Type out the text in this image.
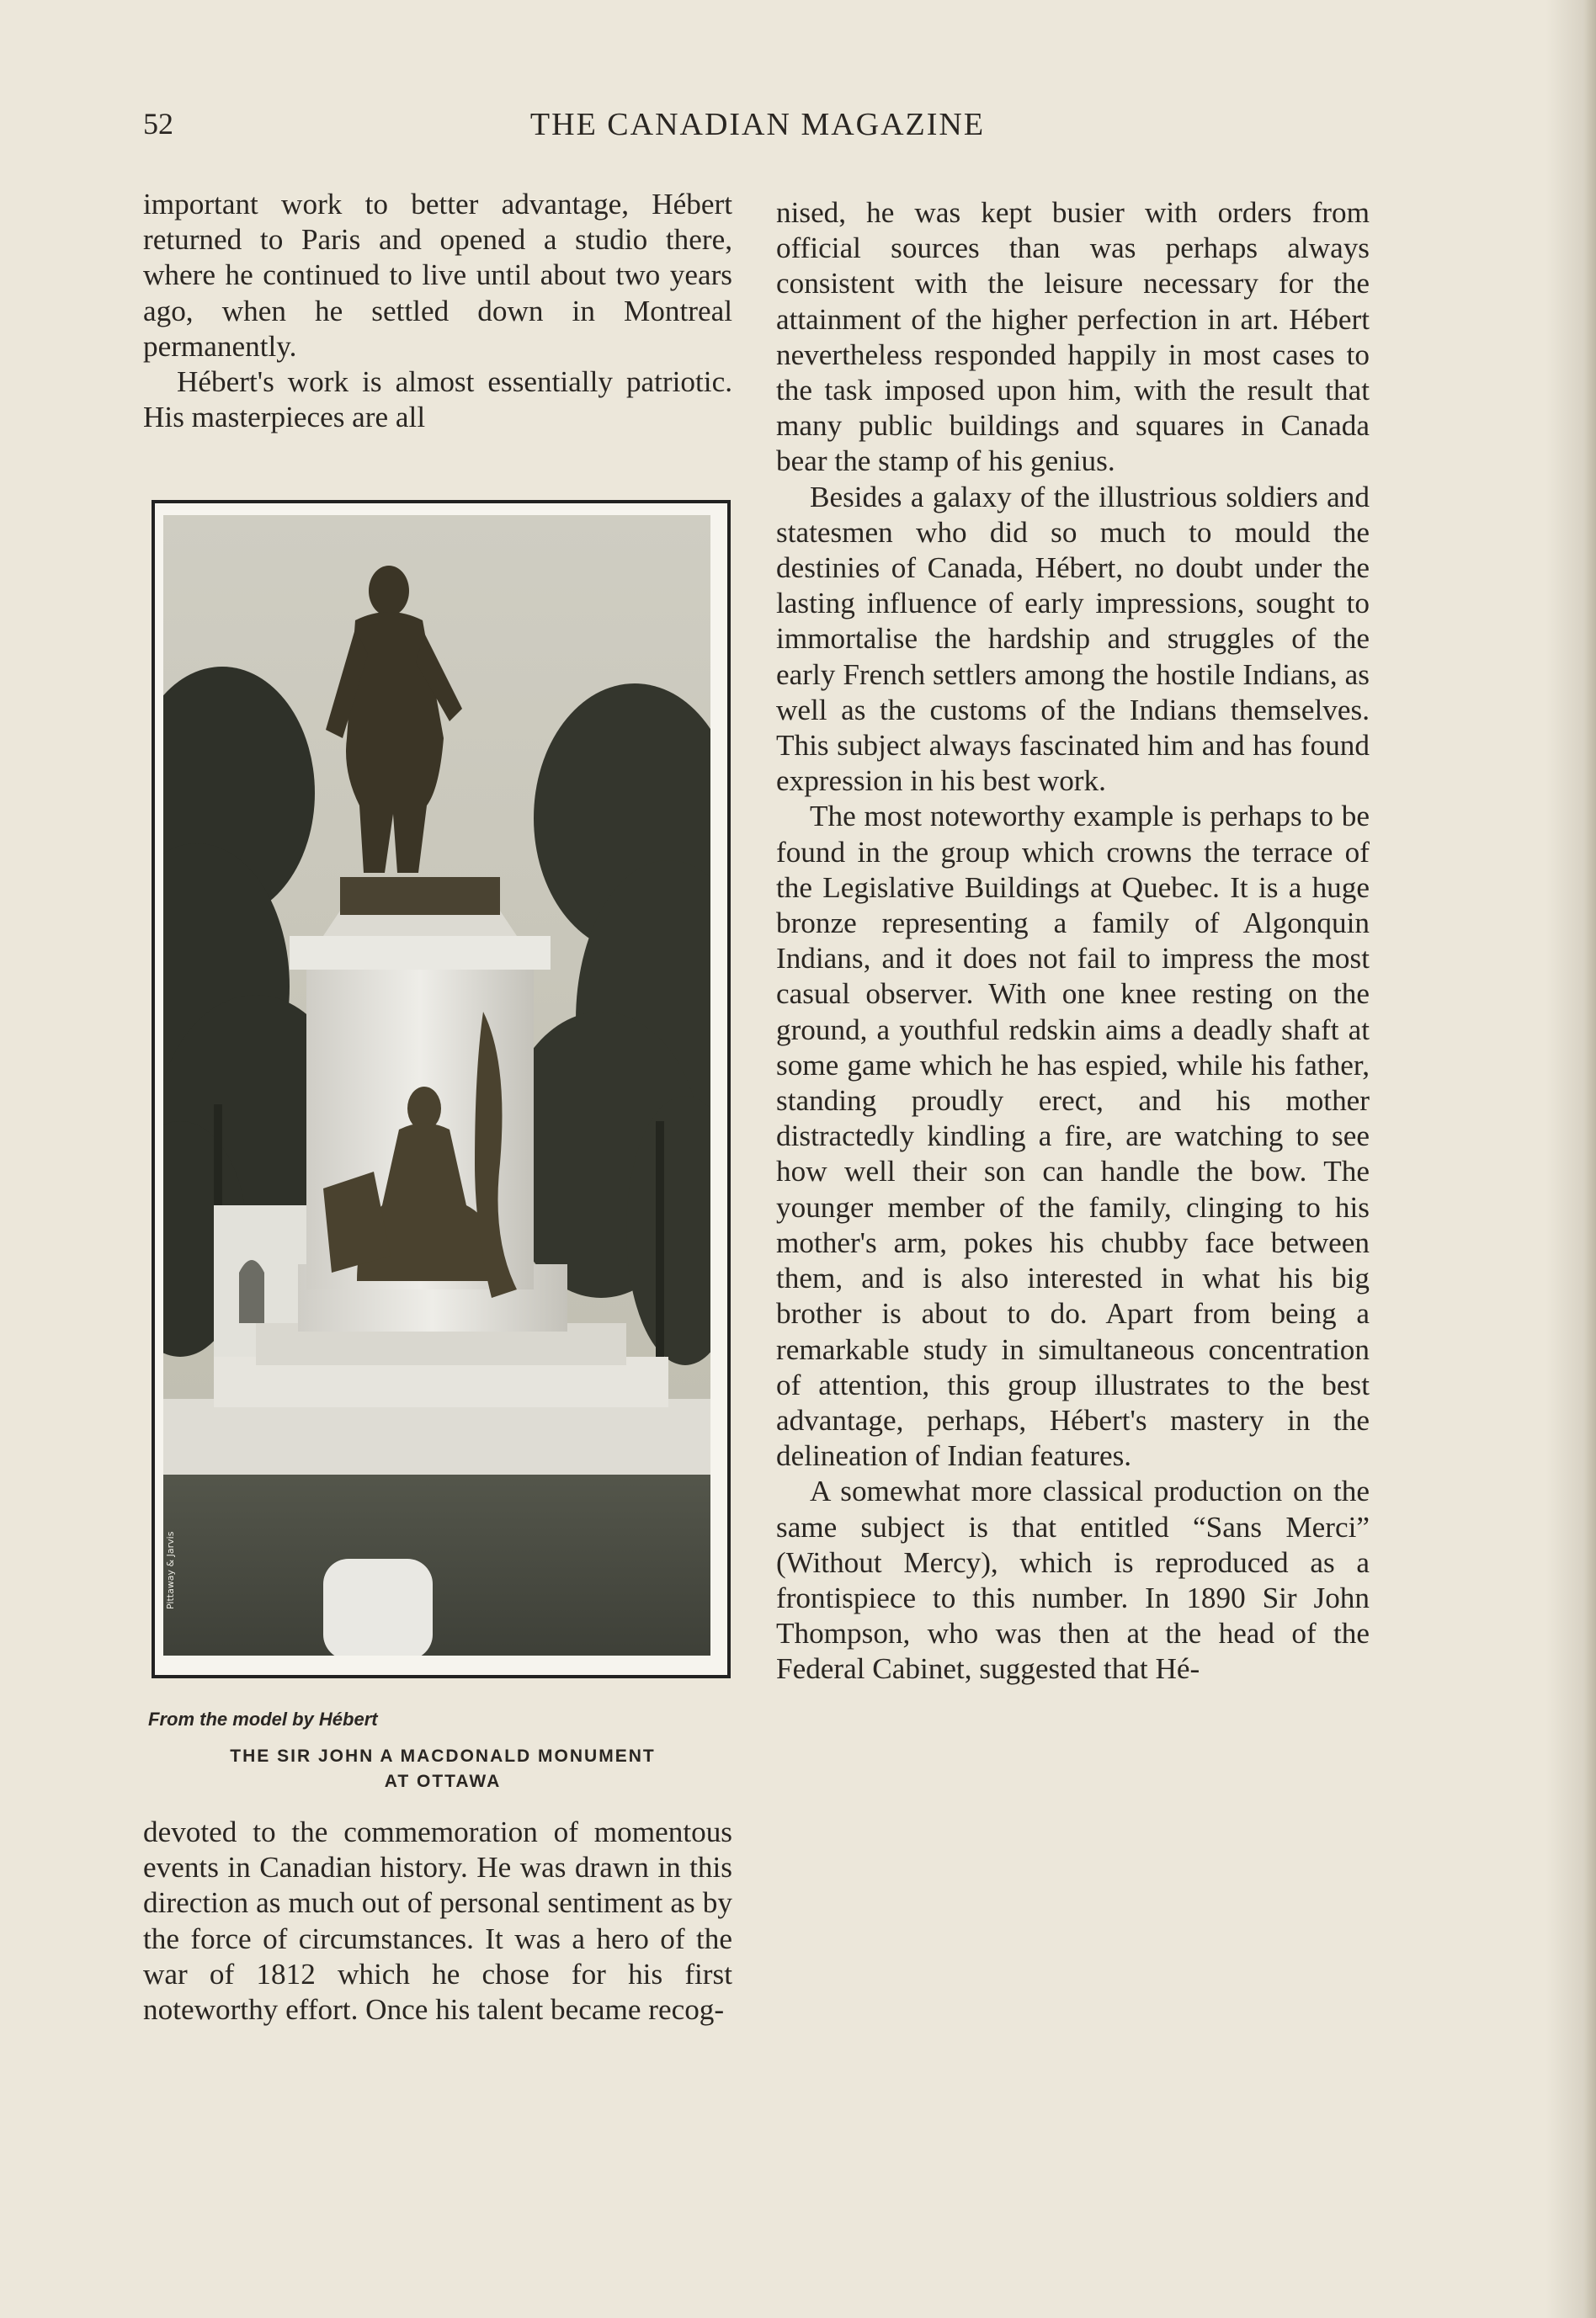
52	THE CANADIAN MAGAZINE

important work to better advantage, Hébert returned to Paris and opened a studio there, where he continued to live until about two years ago, when he settled down in Montreal permanently.

Hébert's work is almost essentially patriotic. His masterpieces are all

Pittaway & Jarvis
From the model by Hébert
THE SIR JOHN A MACDONALD MONUMENT
AT OTTAWA

devoted to the commemoration of momentous events in Canadian history. He was drawn in this direction as much out of personal sentiment as by the force of circumstances. It was a hero of the war of 1812 which he chose for his first noteworthy effort. Once his talent became recog-

nised, he was kept busier with orders from official sources than was perhaps always consistent with the leisure necessary for the attainment of the higher perfection in art. Hébert nevertheless responded happily in most cases to the task imposed upon him, with the result that many public buildings and squares in Canada bear the stamp of his genius.

Besides a galaxy of the illustrious soldiers and statesmen who did so much to mould the destinies of Canada, Hébert, no doubt under the lasting influence of early impressions, sought to immortalise the hardship and struggles of the early French settlers among the hostile Indians, as well as the customs of the Indians themselves. This subject always fascinated him and has found expression in his best work.

The most noteworthy example is perhaps to be found in the group which crowns the terrace of the Legislative Buildings at Quebec. It is a huge bronze representing a family of Algonquin Indians, and it does not fail to impress the most casual observer. With one knee resting on the ground, a youthful redskin aims a deadly shaft at some game which he has espied, while his father, standing proudly erect, and his mother distractedly kindling a fire, are watching to see how well their son can handle the bow. The younger member of the family, clinging to his mother's arm, pokes his chubby face between them, and is also interested in what his big brother is about to do. Apart from being a remarkable study in simultaneous concentration of attention, this group illustrates to the best advantage, perhaps, Hébert's mastery in the delineation of Indian features.

A somewhat more classical production on the same subject is that entitled “Sans Merci” (Without Mercy), which is reproduced as a frontispiece to this number. In 1890 Sir John Thompson, who was then at the head of the Federal Cabinet, suggested that Hé-
